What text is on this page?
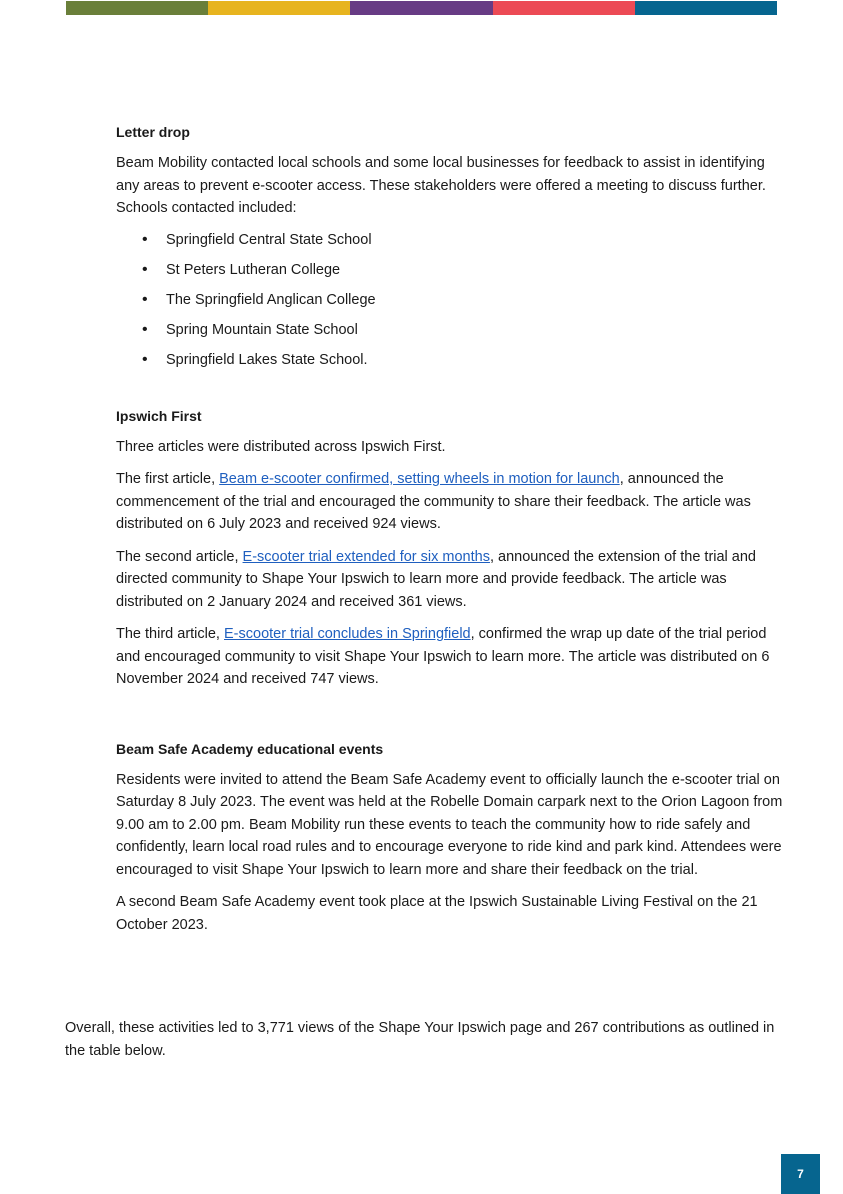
Letter drop

Beam Mobility contacted local schools and some local businesses for feedback to assist in identifying any areas to prevent e-scooter access. These stakeholders were offered a meeting to discuss further. Schools contacted included:

• Springfield Central State School
• St Peters Lutheran College
• The Springfield Anglican College
• Spring Mountain State School
• Springfield Lakes State School.
Ipswich First

Three articles were distributed across Ipswich First.

The first article, Beam e-scooter confirmed, setting wheels in motion for launch, announced the commencement of the trial and encouraged the community to share their feedback. The article was distributed on 6 July 2023 and received 924 views.

The second article, E-scooter trial extended for six months, announced the extension of the trial and directed community to Shape Your Ipswich to learn more and provide feedback. The article was distributed on 2 January 2024 and received 361 views.

The third article, E-scooter trial concludes in Springfield, confirmed the wrap up date of the trial period and encouraged community to visit Shape Your Ipswich to learn more. The article was distributed on 6 November 2024 and received 747 views.

Beam Safe Academy educational events

Residents were invited to attend the Beam Safe Academy event to officially launch the e-scooter trial on Saturday 8 July 2023. The event was held at the Robelle Domain carpark next to the Orion Lagoon from 9.00 am to 2.00 pm. Beam Mobility run these events to teach the community how to ride safely and confidently, learn local road rules and to encourage everyone to ride kind and park kind. Attendees were encouraged to visit Shape Your Ipswich to learn more and share their feedback on the trial.

A second Beam Safe Academy event took place at the Ipswich Sustainable Living Festival on the 21 October 2023.

Overall, these activities led to 3,771 views of the Shape Your Ipswich page and 267 contributions as outlined in the table below.

7
